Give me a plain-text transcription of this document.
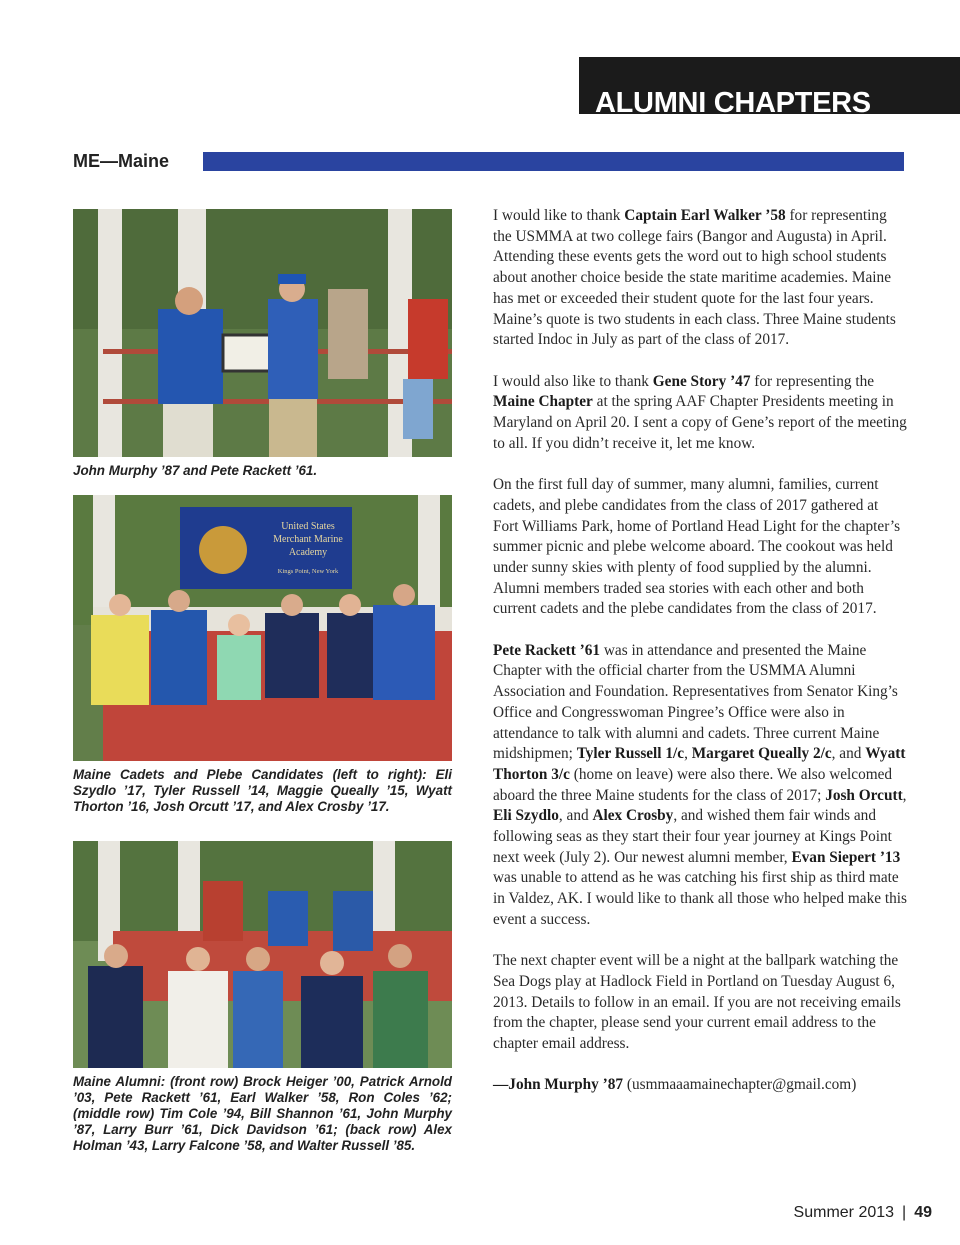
ALUMNI CHAPTERS
ME—Maine
John Murphy ’87 and Pete Rackett ’61.
United States
Merchant Marine
Academy
Kings Point, New York
Maine Cadets and Plebe Candidates (left to right): Eli Szydlo ’17, Tyler Russell ’14, Maggie Queally ’15, Wyatt Thorton ’16, Josh Orcutt ’17, and Alex Crosby ’17.
Maine Alumni: (front row) Brock Heiger ’00, Patrick Arnold ’03, Pete Rackett ’61, Earl Walker ’58, Ron Coles ’62; (middle row) Tim Cole ’94, Bill Shannon ’61, John Murphy ’87, Larry Burr ’61, Dick Davidson ’61; (back row) Alex Holman ’43, Larry Falcone ’58, and Walter Russell ’85.

I would like to thank Captain Earl Walker ’58 for representing the USMMA at two college fairs (Bangor and Augusta) in April. Attending these events gets the word out to high school students about another choice beside the state maritime academies. Maine has met or exceeded their student quote for the last four years. Maine’s quote is two students in each class. Three Maine students started Indoc in July as part of the class of 2017.

I would also like to thank Gene Story ’47 for representing the Maine Chapter at the spring AAF Chapter Presidents meeting in Maryland on April 20. I sent a copy of Gene’s report of the meeting to all. If you didn’t receive it, let me know.

On the first full day of summer, many alumni, families, current cadets, and plebe candidates from the class of 2017 gathered at Fort Williams Park, home of Portland Head Light for the chapter’s summer picnic and plebe welcome aboard. The cookout was held under sunny skies with plenty of food supplied by the alumni. Alumni members traded sea stories with each other and both current cadets and the plebe candidates from the class of 2017.

Pete Rackett ’61 was in attendance and presented the Maine Chapter with the official charter from the USMMA Alumni Association and Foundation. Representatives from Senator King’s Office and Congresswoman Pingree’s Office were also in attendance to talk with alumni and cadets. Three current Maine midshipmen; Tyler Russell 1/c, Margaret Queally 2/c, and Wyatt Thorton 3/c (home on leave) were also there. We also welcomed aboard the three Maine students for the class of 2017; Josh Orcutt, Eli Szydlo, and Alex Crosby, and wished them fair winds and following seas as they start their four year journey at Kings Point next week (July 2). Our newest alumni member, Evan Siepert ’13 was unable to attend as he was catching his first ship as third mate in Valdez, AK. I would like to thank all those who helped make this event a success.

The next chapter event will be a night at the ballpark watching the Sea Dogs play at Hadlock Field in Portland on Tuesday August 6, 2013. Details to follow in an email. If you are not receiving emails from the chapter, please send your current email address to the chapter email address.

—John Murphy ’87 (usmmaaamainechapter@gmail.com)

Summer 2013 | 49
